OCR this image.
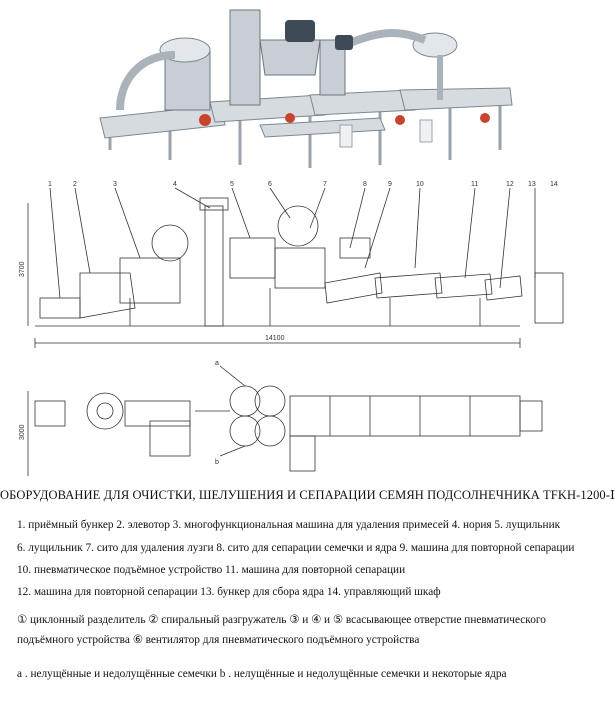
1	2	3	4	5	6	7	8	9	10	11	12 13 14
14100
3700
a
b
3000
ОБОРУДОВАНИЕ ДЛЯ ОЧИСТКИ, ШЕЛУШЕНИЯ И СЕПАРАЦИИ СЕМЯН ПОДСОЛНЕЧНИКА TFKH-1200-Ⅰ
1. приёмный бункер 2. элевотор 3. многофункциональная машина для удаления примесей 4. нория 5. лущильник
6. лущильник 7. сито для удаления лузги 8. сито для сепарации семечки и ядра 9. машина для повторной сепарации
10. пневматическое подъёмное устройство 11. машина для повторной сепарации
12. машина для повторной сепарации 13. бункер для сбора ядра 14. управляющий шкаф
① циклонный разделитель ② спиральный разгружатель ③ и ④ и ⑤ всасывающее отверстие пневматического
подъёмного устройства ⑥ вентилятор для пневматического подъёмного устройства
a . нелущённые и недолущённые семечки b . нелущённые и недолущённые семечки и некоторые ядра
